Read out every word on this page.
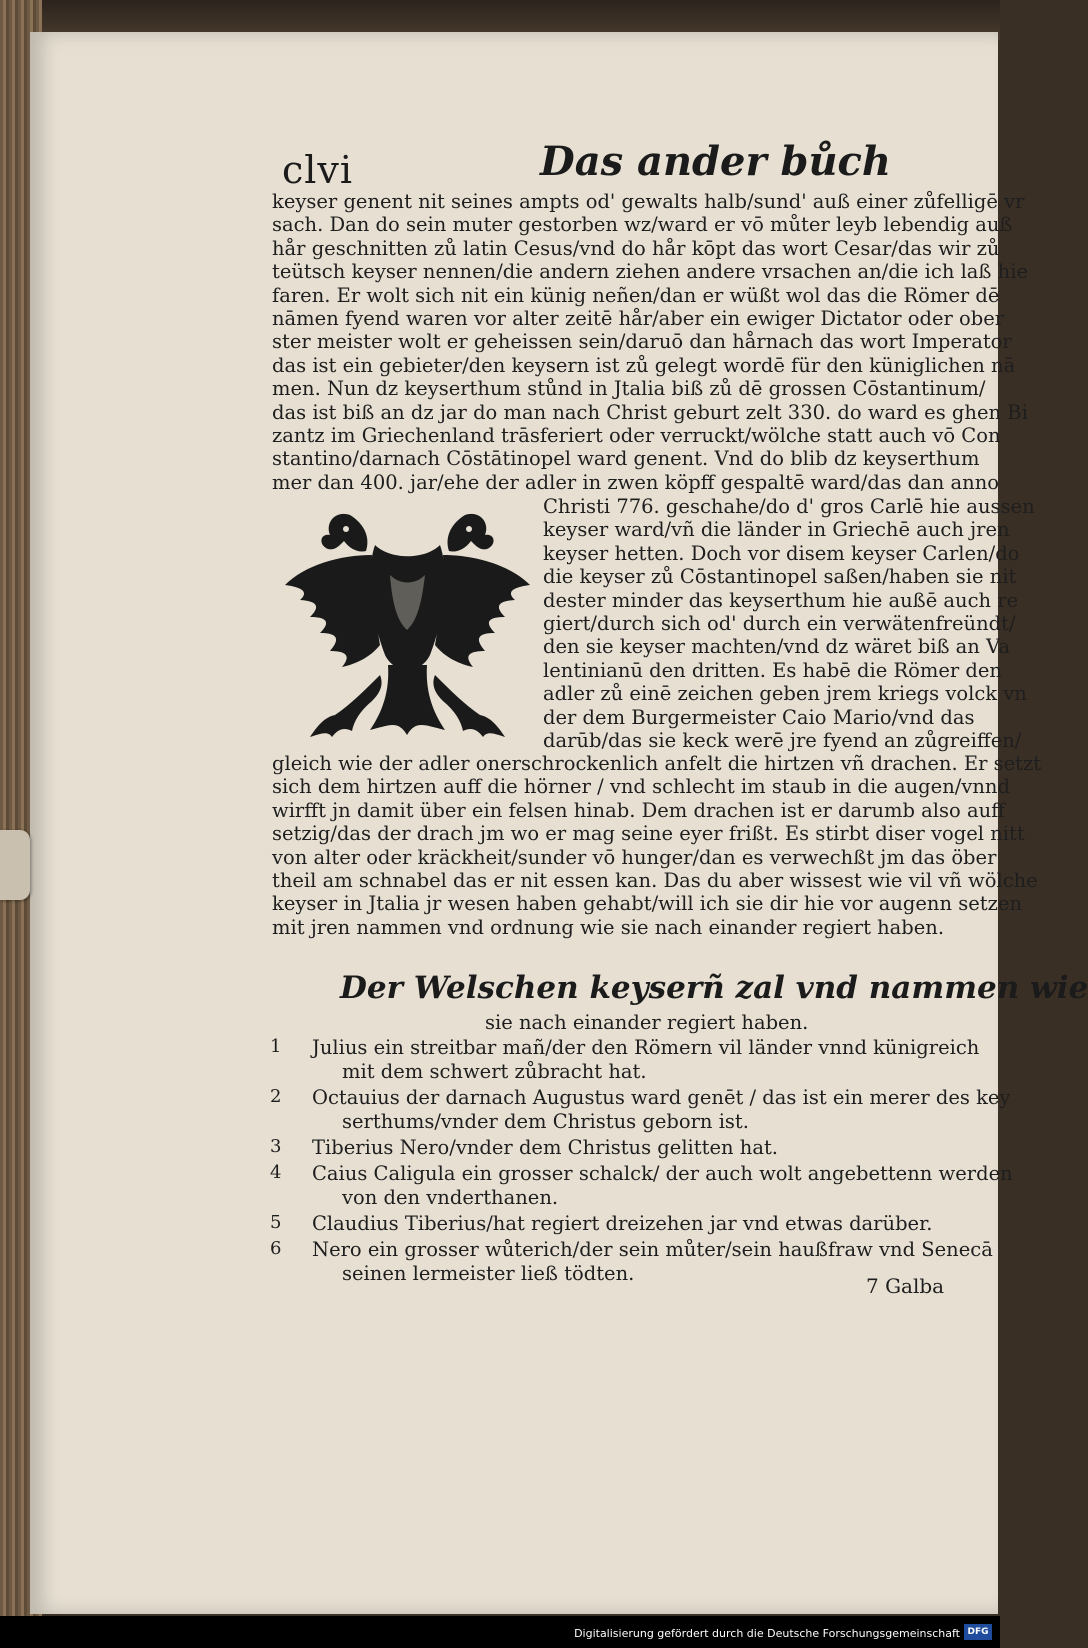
clvi	Das ander bůch
keyser genent nit seines ampts od' gewalts halb/sund' auß einer zůfelligē vr
sach. Dan do sein muter gestorben wz/ward er vō můter leyb lebendig auß
hår geschnitten zů latin Cesus/vnd do hår kōpt das wort Cesar/das wir zů
teütsch keyser nennen/die andern ziehen andere vrsachen an/die ich laß hie
faren. Er wolt sich nit ein künig neñen/dan er wüßt wol das die Römer dē
nāmen fyend waren vor alter zeitē hår/aber ein ewiger Dictator oder ober
ster meister wolt er geheissen sein/daruō dan hårnach das wort Imperator
das ist ein gebieter/den keysern ist zů gelegt wordē für den küniglichen nā
men. Nun dz keyserthum stůnd in Jtalia biß zů dē grossen Cōstantinum/
das ist biß an dz jar do man nach Christ geburt zelt 330. do ward es ghen Bi
zantz im Griechenland trāsferiert oder verruckt/wölche statt auch vō Con
stantino/darnach Cōstātinopel ward genent. Vnd do blib dz keyserthum
mer dan 400. jar/ehe der adler in zwen köpff gespaltē ward/das dan anno
Christi 776. geschahe/do d' gros Carlē hie aussen
keyser ward/vñ die länder in Griechē auch jren
keyser hetten. Doch vor disem keyser Carlen/do
die keyser zů Cōstantinopel saßen/haben sie nit
dester minder das keyserthum hie außē auch re
giert/durch sich od' durch ein verwätenfreündt/
den sie keyser machten/vnd dz wäret biß an Va
lentinianū den dritten. Es habē die Römer den
adler zů einē zeichen geben jrem kriegs volck vn
der dem Burgermeister Caio Mario/vnd das
darūb/das sie keck werē jre fyend an zůgreiffen/
gleich wie der adler onerschrockenlich anfelt die hirtzen vñ drachen. Er setzt
sich dem hirtzen auff die hörner / vnd schlecht im staub in die augen/vnnd
wirfft jn damit über ein felsen hinab. Dem drachen ist er darumb also auff
setzig/das der drach jm wo er mag seine eyer frißt. Es stirbt diser vogel nitt
von alter oder kräckheit/sunder vō hunger/dan es verwechßt jm das öber
theil am schnabel das er nit essen kan. Das du aber wissest wie vil vñ wölche
keyser in Jtalia jr wesen haben gehabt/will ich sie dir hie vor augenn setzen
mit jren nammen vnd ordnung wie sie nach einander regiert haben.
Der Welschen keyserñ zal vnd nammen wie
sie nach einander regiert haben.
1	Julius ein streitbar mañ/der den Römern vil länder vnnd künigreich
mit dem schwert zůbracht hat.
2	Octauius der darnach Augustus ward genēt / das ist ein merer des key
serthums/vnder dem Christus geborn ist.
3	Tiberius Nero/vnder dem Christus gelitten hat.
4	Caius Caligula ein grosser schalck/ der auch wolt angebettenn werden
von den vnderthanen.
5	Claudius Tiberius/hat regiert dreizehen jar vnd etwas darüber.
6	Nero ein grosser wůterich/der sein můter/sein haußfraw vnd Senecā
seinen lermeister ließ tödten.
7 Galba
Digitalisierung gefördert durch die Deutsche Forschungsgemeinschaft DFG
